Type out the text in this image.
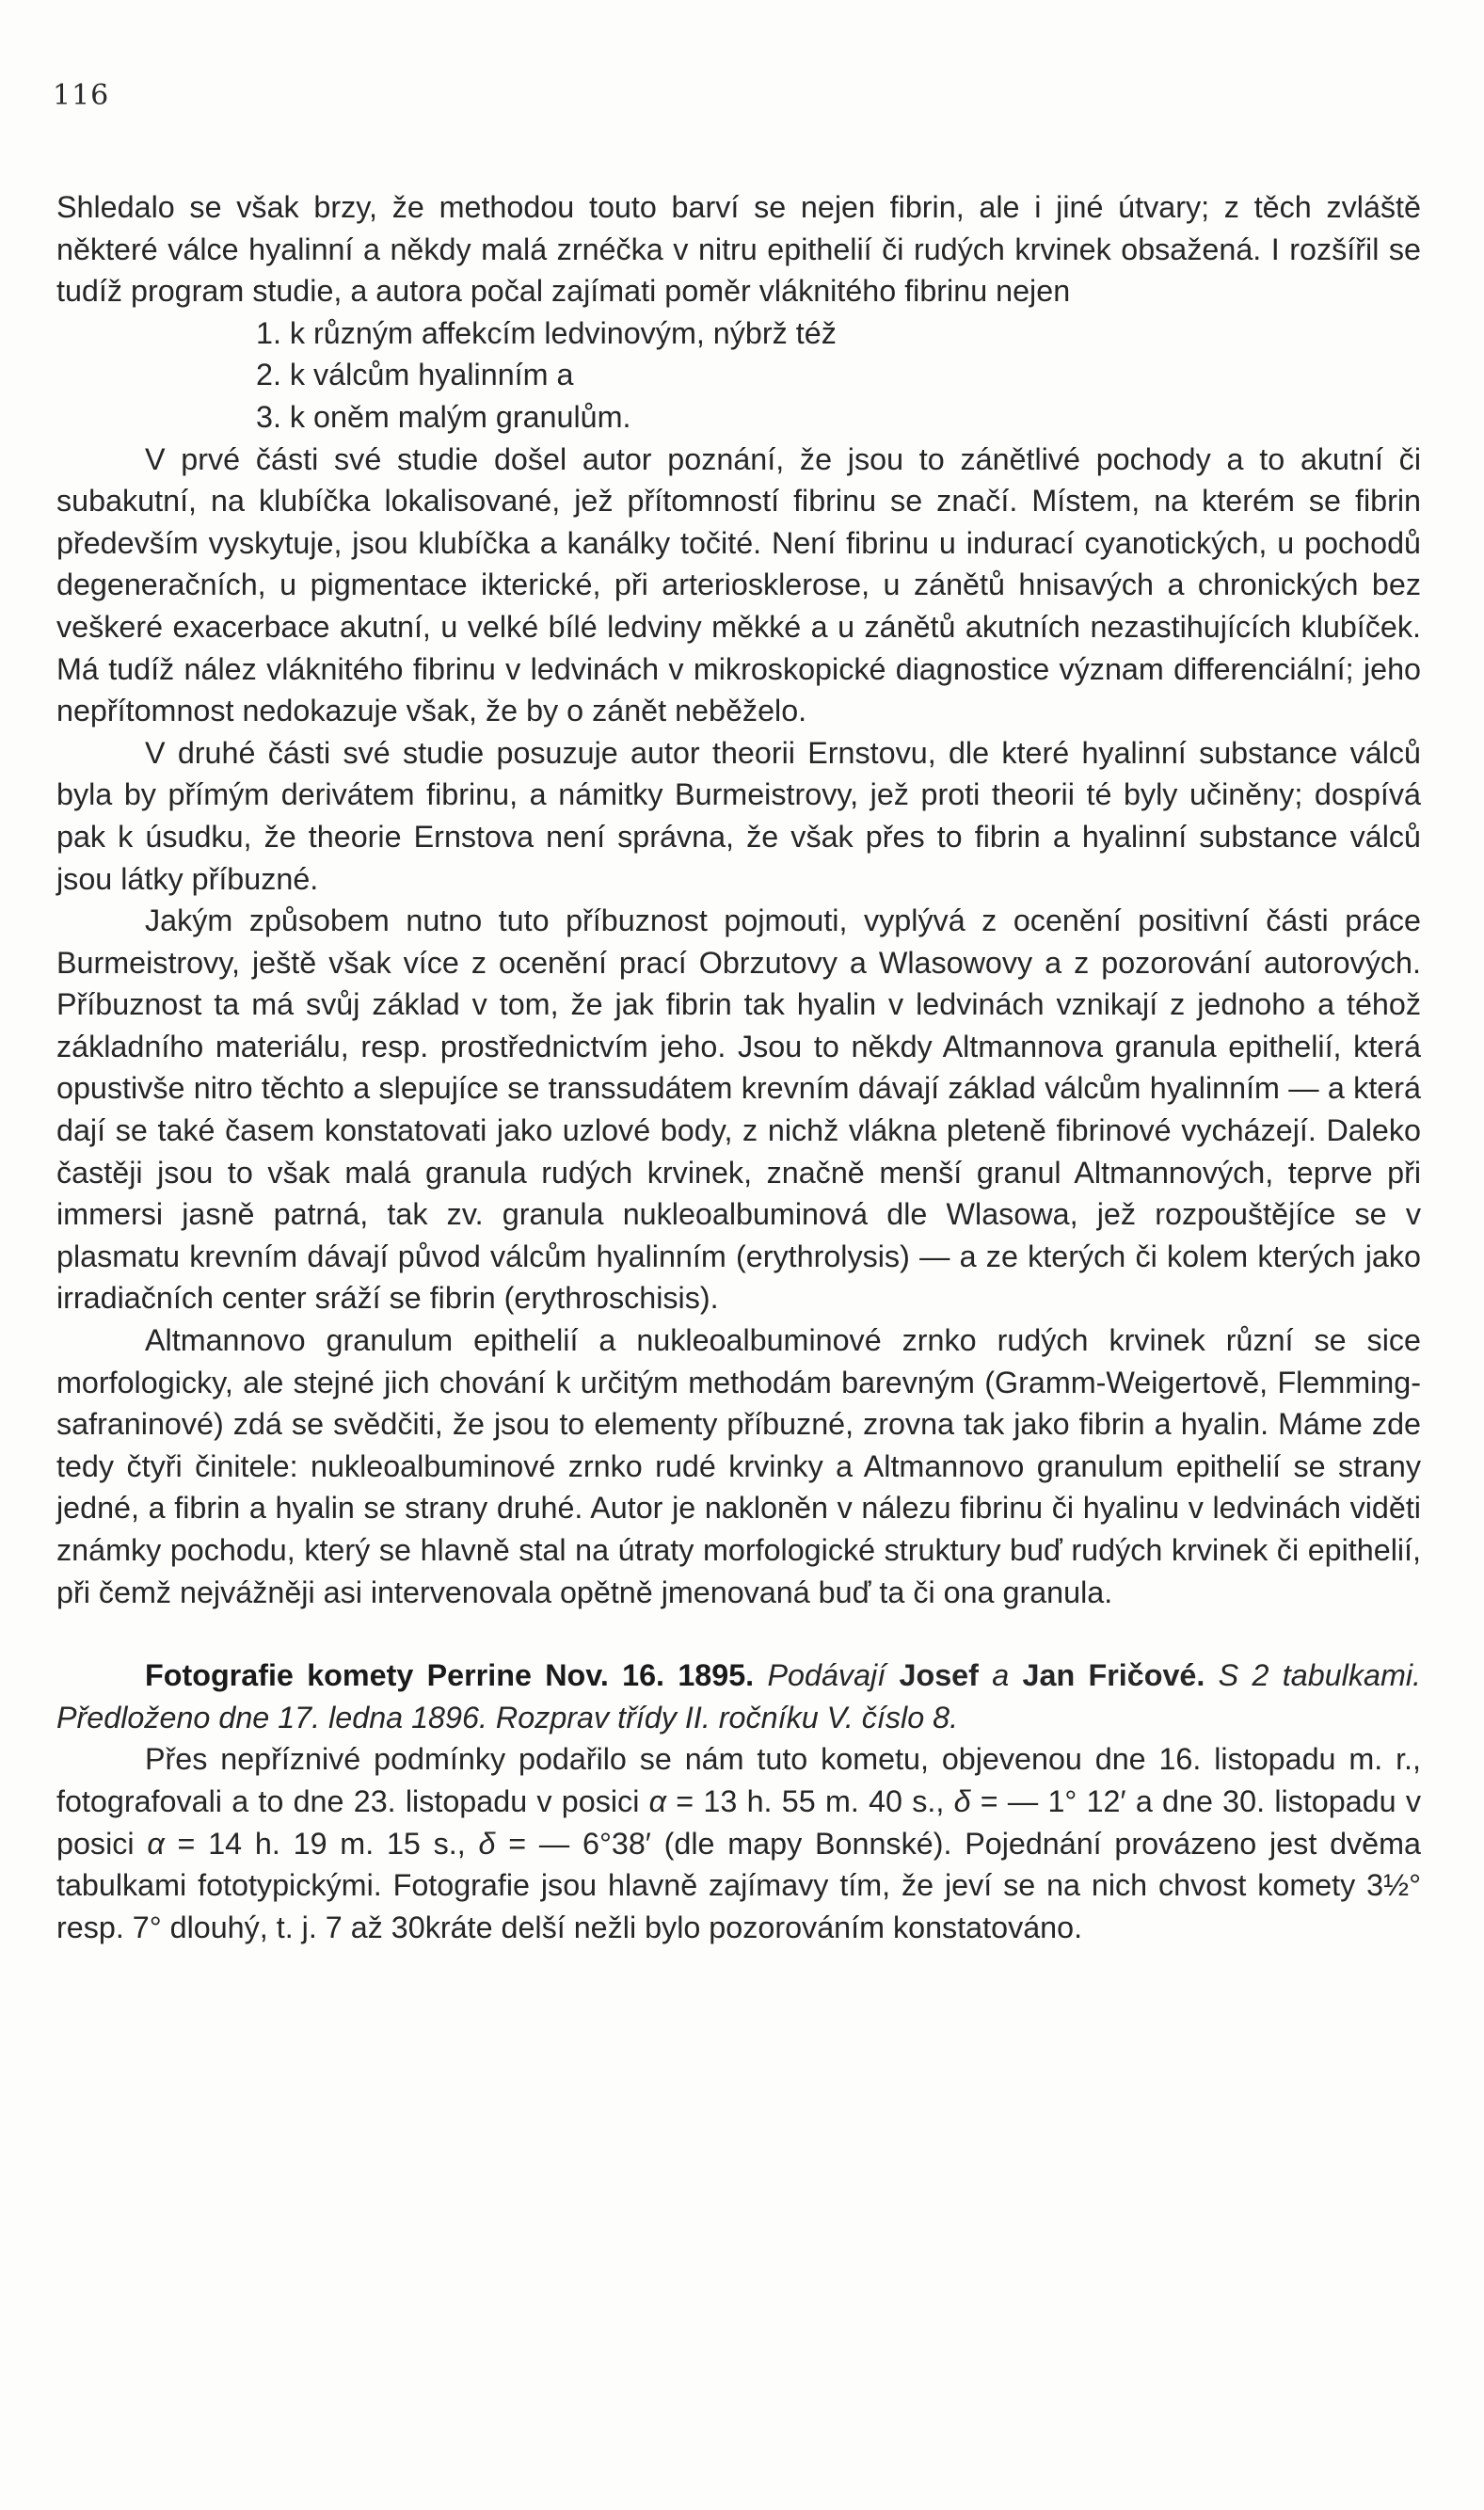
116

Shledalo se však brzy, že methodou touto barví se nejen fibrin, ale i jiné útvary; z těch zvláště některé válce hyalinní a někdy malá zrnéčka v nitru epithelií či rudých krvinek obsažená. I rozšířil se tudíž program studie, a autora počal zajímati poměr vláknitého fibrinu nejen

1. k různým affekcím ledvinovým, nýbrž též

2. k válcům hyalinním a

3. k oněm malým granulům.

V prvé části své studie došel autor poznání, že jsou to zánětlivé pochody a to akutní či subakutní, na klubíčka lokalisované, jež přítomností fibrinu se značí. Místem, na kterém se fibrin především vyskytuje, jsou klubíčka a kanálky točité. Není fibrinu u indurací cyanotických, u pochodů degeneračních, u pigmentace ikterické, při arteriosklerose, u zánětů hnisavých a chronických bez veškeré exacerbace akutní, u velké bílé ledviny měkké a u zánětů akutních nezastihujících klubíček. Má tudíž nález vláknitého fibrinu v ledvinách v mikroskopické diagnostice význam differenciální; jeho nepřítomnost nedokazuje však, že by o zánět neběželo.

V druhé části své studie posuzuje autor theorii Ernstovu, dle které hyalinní substance válců byla by přímým derivátem fibrinu, a námitky Burmeistrovy, jež proti theorii té byly učiněny; dospívá pak k úsudku, že theorie Ernstova není správna, že však přes to fibrin a hyalinní substance válců jsou látky příbuzné.

Jakým způsobem nutno tuto příbuznost pojmouti, vyplývá z ocenění positivní části práce Burmeistrovy, ještě však více z ocenění prací Obrzutovy a Wlasowovy a z pozorování autorových. Příbuznost ta má svůj základ v tom, že jak fibrin tak hyalin v ledvinách vznikají z jednoho a téhož základního materiálu, resp. prostřednictvím jeho. Jsou to někdy Altmannova granula epithelií, která opustivše nitro těchto a slepujíce se transsudátem krevním dávají základ válcům hyalinním — a která dají se také časem konstatovati jako uzlové body, z nichž vlákna pleteně fibrinové vycházejí. Daleko častěji jsou to však malá granula rudých krvinek, značně menší granul Altmannových, teprve při immersi jasně patrná, tak zv. granula nukleoalbuminová dle Wlasowa, jež rozpouštějíce se v plasmatu krevním dávají původ válcům hyalinním (erythrolysis) — a ze kterých či kolem kterých jako irradiačních center sráží se fibrin (erythroschisis).

Altmannovo granulum epithelií a nukleoalbuminové zrnko rudých krvinek různí se sice morfologicky, ale stejné jich chování k určitým methodám barevným (Gramm-Weigertově, Flemming-safraninové) zdá se svědčiti, že jsou to elementy příbuzné, zrovna tak jako fibrin a hyalin. Máme zde tedy čtyři činitele: nukleoalbuminové zrnko rudé krvinky a Altmannovo granulum epithelií se strany jedné, a fibrin a hyalin se strany druhé. Autor je nakloněn v nálezu fibrinu či hyalinu v ledvinách viděti známky pochodu, který se hlavně stal na útraty morfologické struktury buď rudých krvinek či epithelií, při čemž nejvážněji asi intervenovala opětně jmenovaná buď ta či ona granula.

Fotografie komety Perrine Nov. 16. 1895. Podávají Josef a Jan Fričové. S 2 tabulkami. Předloženo dne 17. ledna 1896. Rozprav třídy II. ročníku V. číslo 8.

Přes nepříznivé podmínky podařilo se nám tuto kometu, objevenou dne 16. listopadu m. r., fotografovali a to dne 23. listopadu v posici α = 13 h. 55 m. 40 s., δ = — 1° 12′ a dne 30. listopadu v posici α = 14 h. 19 m. 15 s., δ = — 6°38′ (dle mapy Bonnské). Pojednání provázeno jest dvěma tabulkami fototypickými. Fotografie jsou hlavně zajímavy tím, že jeví se na nich chvost komety 3½° resp. 7° dlouhý, t. j. 7 až 30kráte delší nežli bylo pozorováním konstatováno.
